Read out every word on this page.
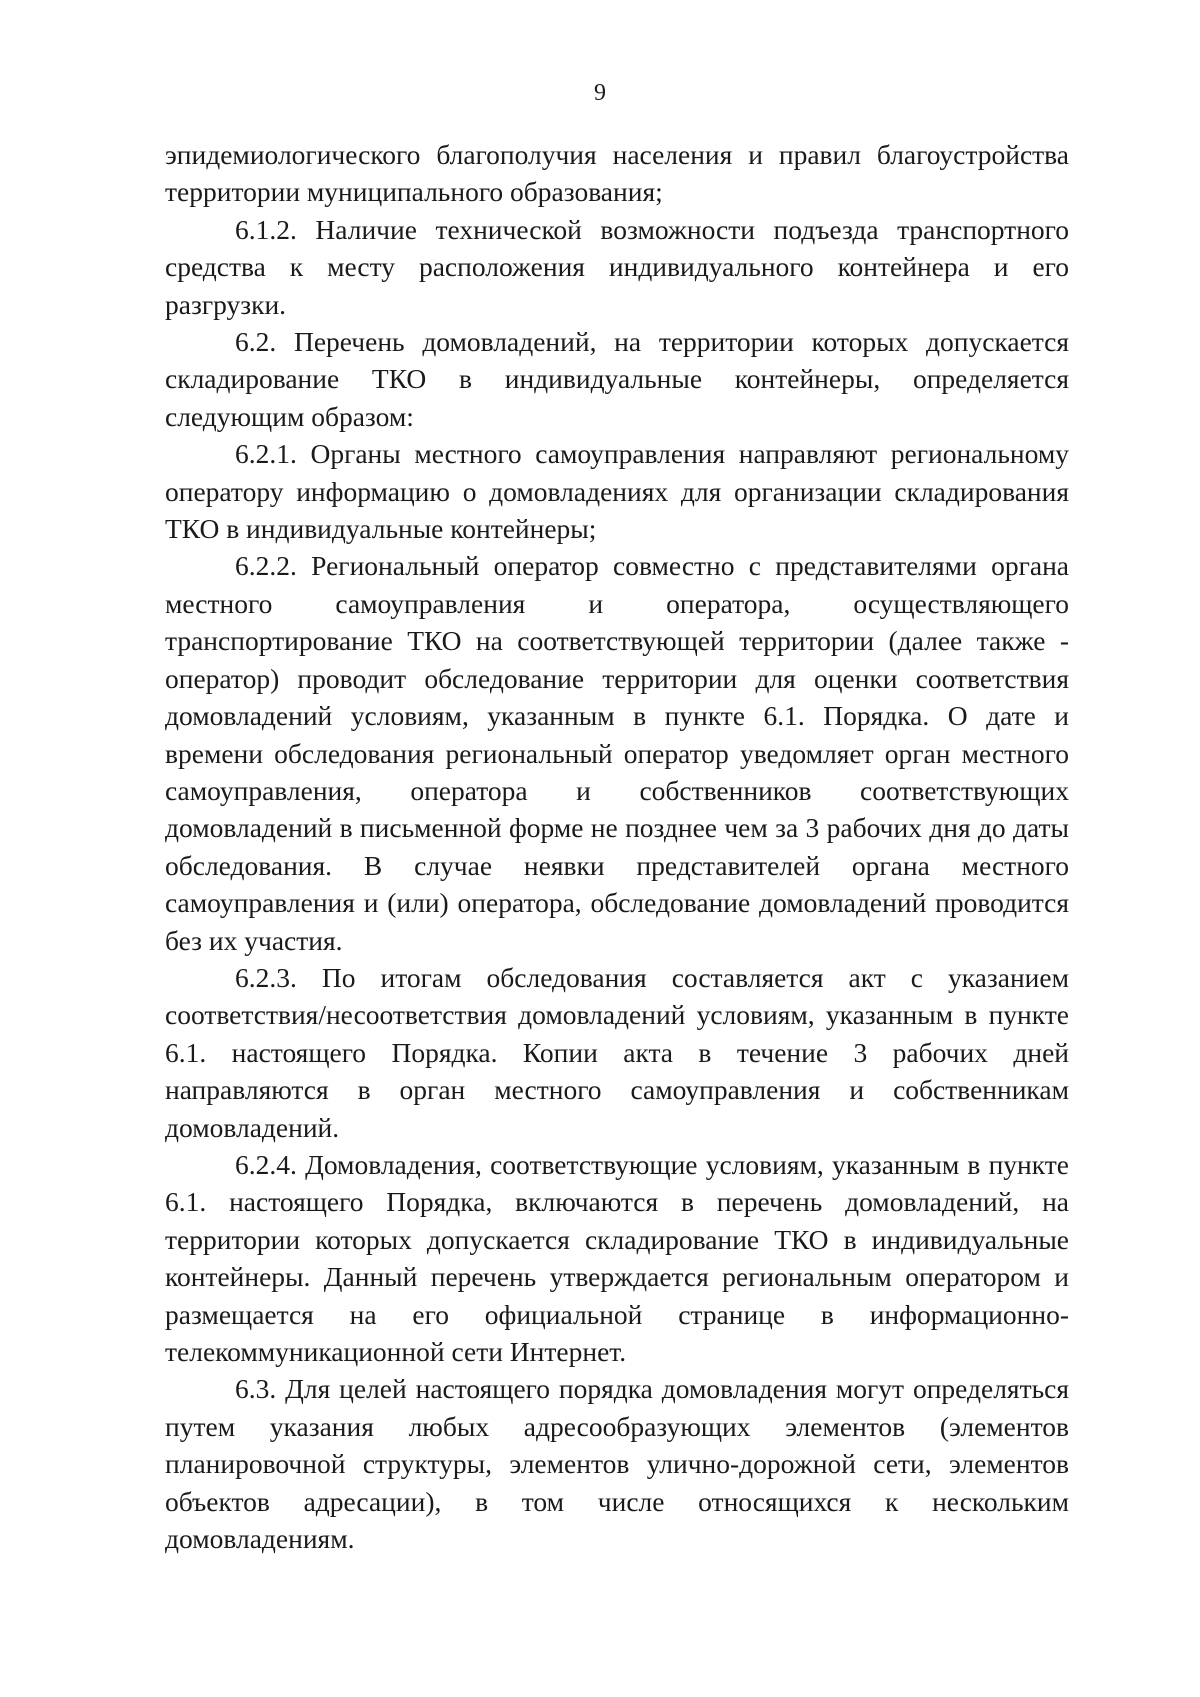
9

эпидемиологического благополучия населения и правил благоустройства территории муниципального образования;

6.1.2. Наличие технической возможности подъезда транспортного средства к месту расположения индивидуального контейнера и его разгрузки.

6.2. Перечень домовладений, на территории которых допускается складирование ТКО в индивидуальные контейнеры, определяется следующим образом:

6.2.1. Органы местного самоуправления направляют региональному оператору информацию о домовладениях для организации складирования ТКО в индивидуальные контейнеры;

6.2.2. Региональный оператор совместно с представителями органа местного самоуправления и оператора, осуществляющего транспортирование ТКО на соответствующей территории (далее также - оператор) проводит обследование территории для оценки соответствия домовладений условиям, указанным в пункте 6.1. Порядка. О дате и времени обследования региональный оператор уведомляет орган местного самоуправления, оператора и собственников соответствующих домовладений в письменной форме не позднее чем за 3 рабочих дня до даты обследования. В случае неявки представителей органа местного самоуправления и (или) оператора, обследование домовладений проводится без их участия.

6.2.3. По итогам обследования составляется акт с указанием соответствия/несоответствия домовладений условиям, указанным в пункте 6.1. настоящего Порядка. Копии акта в течение 3 рабочих дней направляются в орган местного самоуправления и собственникам домовладений.

6.2.4. Домовладения, соответствующие условиям, указанным в пункте 6.1. настоящего Порядка, включаются в перечень домовладений, на территории которых допускается складирование ТКО в индивидуальные контейнеры. Данный перечень утверждается региональным оператором и размещается на его официальной странице в информационно-телекоммуникационной сети Интернет.

6.3. Для целей настоящего порядка домовладения могут определяться путем указания любых адресообразующих элементов (элементов планировочной структуры, элементов улично-дорожной сети, элементов объектов адресации), в том числе относящихся к нескольким домовладениям.
